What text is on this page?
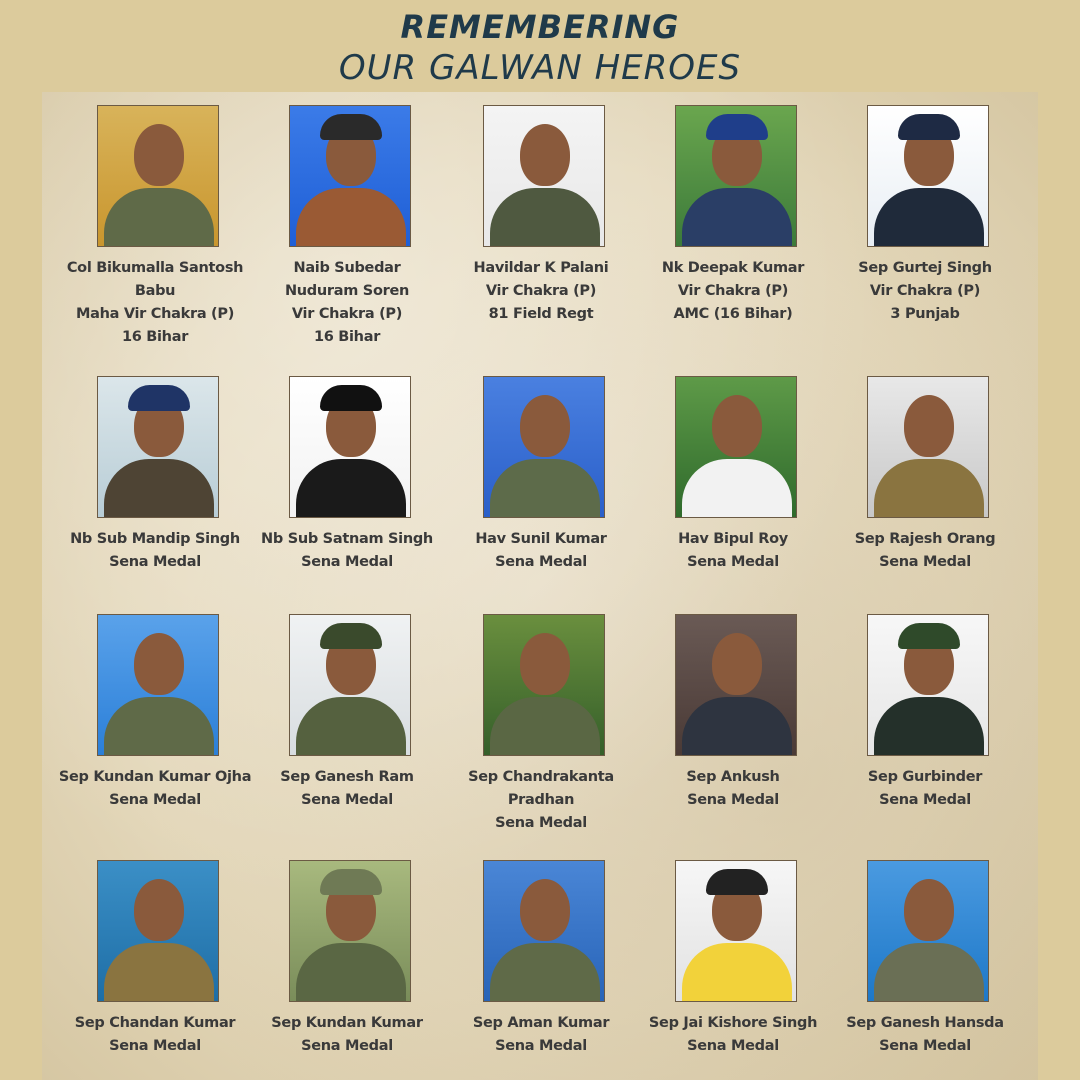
REMEMBERING
OUR GALWAN HEROES
Col Bikumalla Santosh Babu
Maha Vir Chakra (P)
16 Bihar
Naib Subedar
Nuduram Soren
Vir Chakra (P)
16 Bihar
Havildar K Palani
Vir Chakra (P)
81 Field Regt
Nk Deepak Kumar
Vir Chakra (P)
AMC (16 Bihar)
Sep Gurtej Singh
Vir Chakra (P)
3 Punjab
Nb Sub Mandip Singh
Sena Medal
Nb Sub Satnam Singh
Sena Medal
Hav Sunil Kumar
Sena Medal
Hav Bipul Roy
Sena Medal
Sep Rajesh Orang
Sena Medal
Sep Kundan Kumar Ojha
Sena Medal
Sep Ganesh Ram
Sena Medal
Sep Chandrakanta Pradhan
Sena Medal
Sep Ankush
Sena Medal
Sep Gurbinder
Sena Medal
Sep Chandan Kumar
Sena Medal
Sep Kundan Kumar
Sena Medal
Sep Aman Kumar
Sena Medal
Sep Jai Kishore Singh
Sena Medal
Sep Ganesh Hansda
Sena Medal
